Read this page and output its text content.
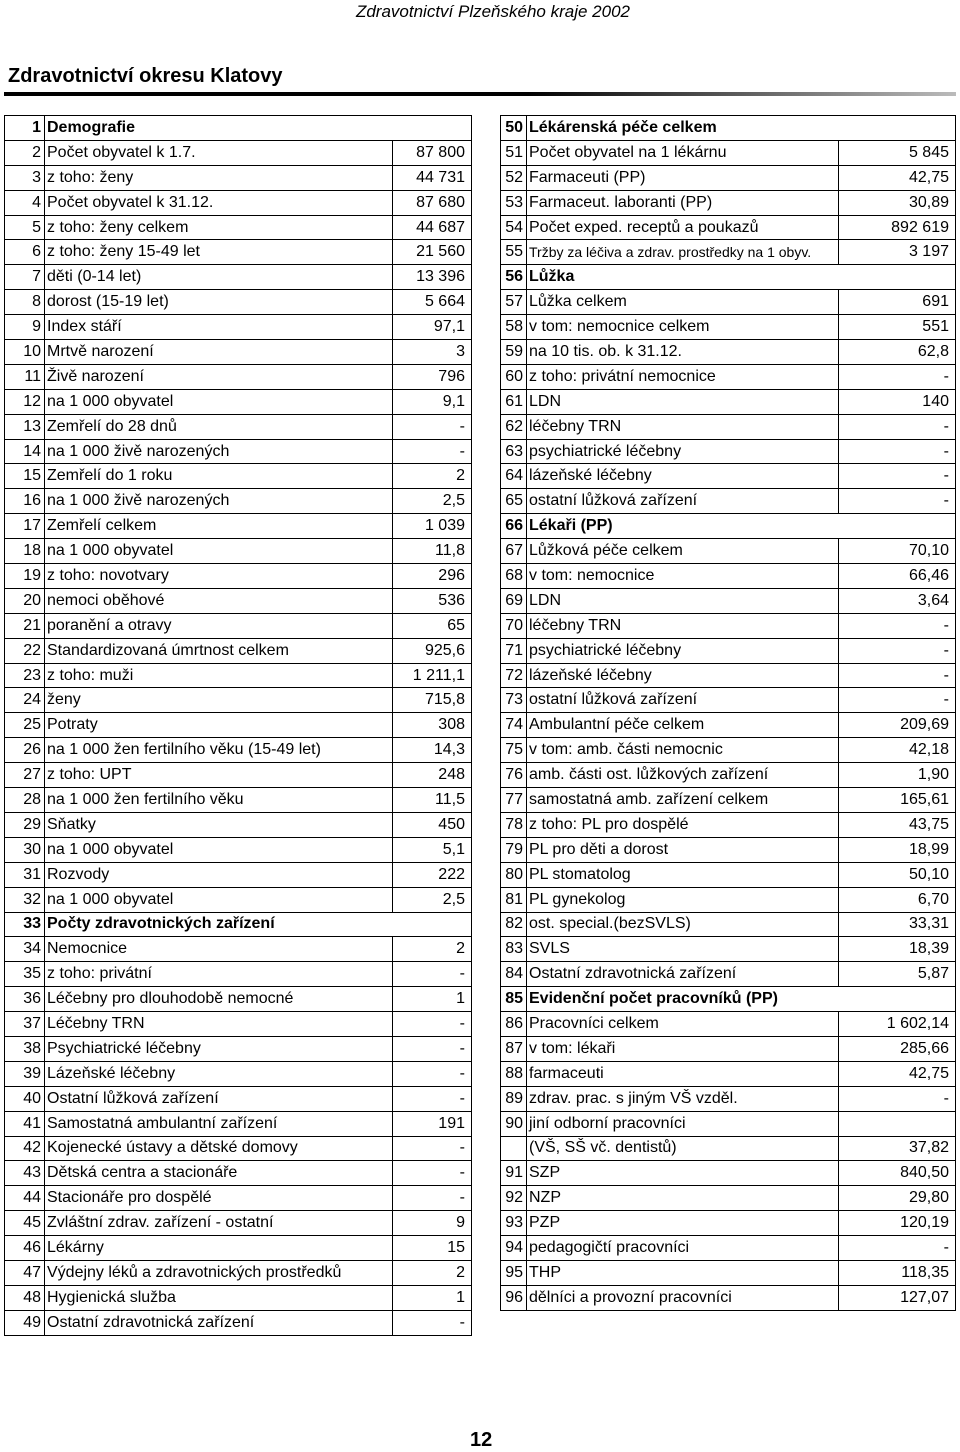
Zdravotnictví Plzeňského kraje 2002
Zdravotnictví okresu Klatovy
1	Demografie	
2	Počet obyvatel k 1.7.	87 800
3	z toho: ženy	44 731
4	Počet obyvatel k 31.12.	87 680
5	z toho: ženy celkem	44 687
6	z toho: ženy 15-49 let	21 560
7	děti (0-14 let)	13 396
8	dorost (15-19 let)	5 664
9	Index stáří	97,1
10	Mrtvě narození	3
11	Živě narození	796
12	na 1 000 obyvatel	9,1
13	Zemřelí do 28 dnů	-
14	na 1 000 živě narozených	-
15	Zemřelí do 1 roku	2
16	na 1 000 živě narozených	2,5
17	Zemřelí celkem	1 039
18	na 1 000 obyvatel	11,8
19	z toho: novotvary	296
20	nemoci oběhové	536
21	poranění a otravy	65
22	Standardizovaná úmrtnost celkem	925,6
23	z toho: muži	1 211,1
24	ženy	715,8
25	Potraty	308
26	na 1 000 žen fertilního věku (15-49 let)	14,3
27	z toho: UPT	248
28	na 1 000 žen fertilního věku	11,5
29	Sňatky	450
30	na 1 000 obyvatel	5,1
31	Rozvody	222
32	na 1 000 obyvatel	2,5
33	Počty zdravotnických zařízení	
34	Nemocnice	2
35	z toho: privátní	-
36	Léčebny pro dlouhodobě nemocné	1
37	Léčebny TRN	-
38	Psychiatrické léčebny	-
39	Lázeňské léčebny	-
40	Ostatní lůžková zařízení	-
41	Samostatná ambulantní zařízení	191
42	Kojenecké ústavy a dětské domovy	-
43	Dětská centra a stacionáře	-
44	Stacionáře pro dospělé	-
45	Zvláštní zdrav. zařízení - ostatní	9
46	Lékárny	15
47	Výdejny léků a zdravotnických prostředků	2
48	Hygienická služba	1
49	Ostatní zdravotnická zařízení	-
50	Lékárenská péče celkem	
51	Počet obyvatel na 1 lékárnu	5 845
52	Farmaceuti (PP)	42,75
53	Farmaceut. laboranti (PP)	30,89
54	Počet exped. receptů a poukazů	892 619
55	Tržby za léčiva a zdrav. prostředky na 1 obyv.	3 197
56	Lůžka	
57	Lůžka celkem	691
58	v tom: nemocnice celkem	551
59	na 10 tis. ob. k 31.12.	62,8
60	z toho: privátní nemocnice	-
61	LDN	140
62	léčebny TRN	-
63	psychiatrické léčebny	-
64	lázeňské léčebny	-
65	ostatní lůžková zařízení	-
66	Lékaři (PP)	
67	Lůžková péče celkem	70,10
68	v tom: nemocnice	66,46
69	LDN	3,64
70	léčebny TRN	-
71	psychiatrické léčebny	-
72	lázeňské léčebny	-
73	ostatní lůžková zařízení	-
74	Ambulantní péče celkem	209,69
75	v tom: amb. části nemocnic	42,18
76	amb. části ost. lůžkových zařízení	1,90
77	samostatná amb. zařízení celkem	165,61
78	z toho: PL pro dospělé	43,75
79	PL pro děti a dorost	18,99
80	PL stomatolog	50,10
81	PL gynekolog	6,70
82	ost. special.(bezSVLS)	33,31
83	SVLS	18,39
84	Ostatní zdravotnická zařízení	5,87
85	Evidenční počet pracovníků (PP)	
86	Pracovníci celkem	1 602,14
87	v tom: lékaři	285,66
88	farmaceuti	42,75
89	zdrav. prac. s jiným VŠ vzděl.	-
90	jiní odborní pracovníci	
	(VŠ, SŠ vč. dentistů)	37,82
91	SZP	840,50
92	NZP	29,80
93	PZP	120,19
94	pedagogičtí pracovníci	-
95	THP	118,35
96	dělníci a provozní pracovníci	127,07
12
